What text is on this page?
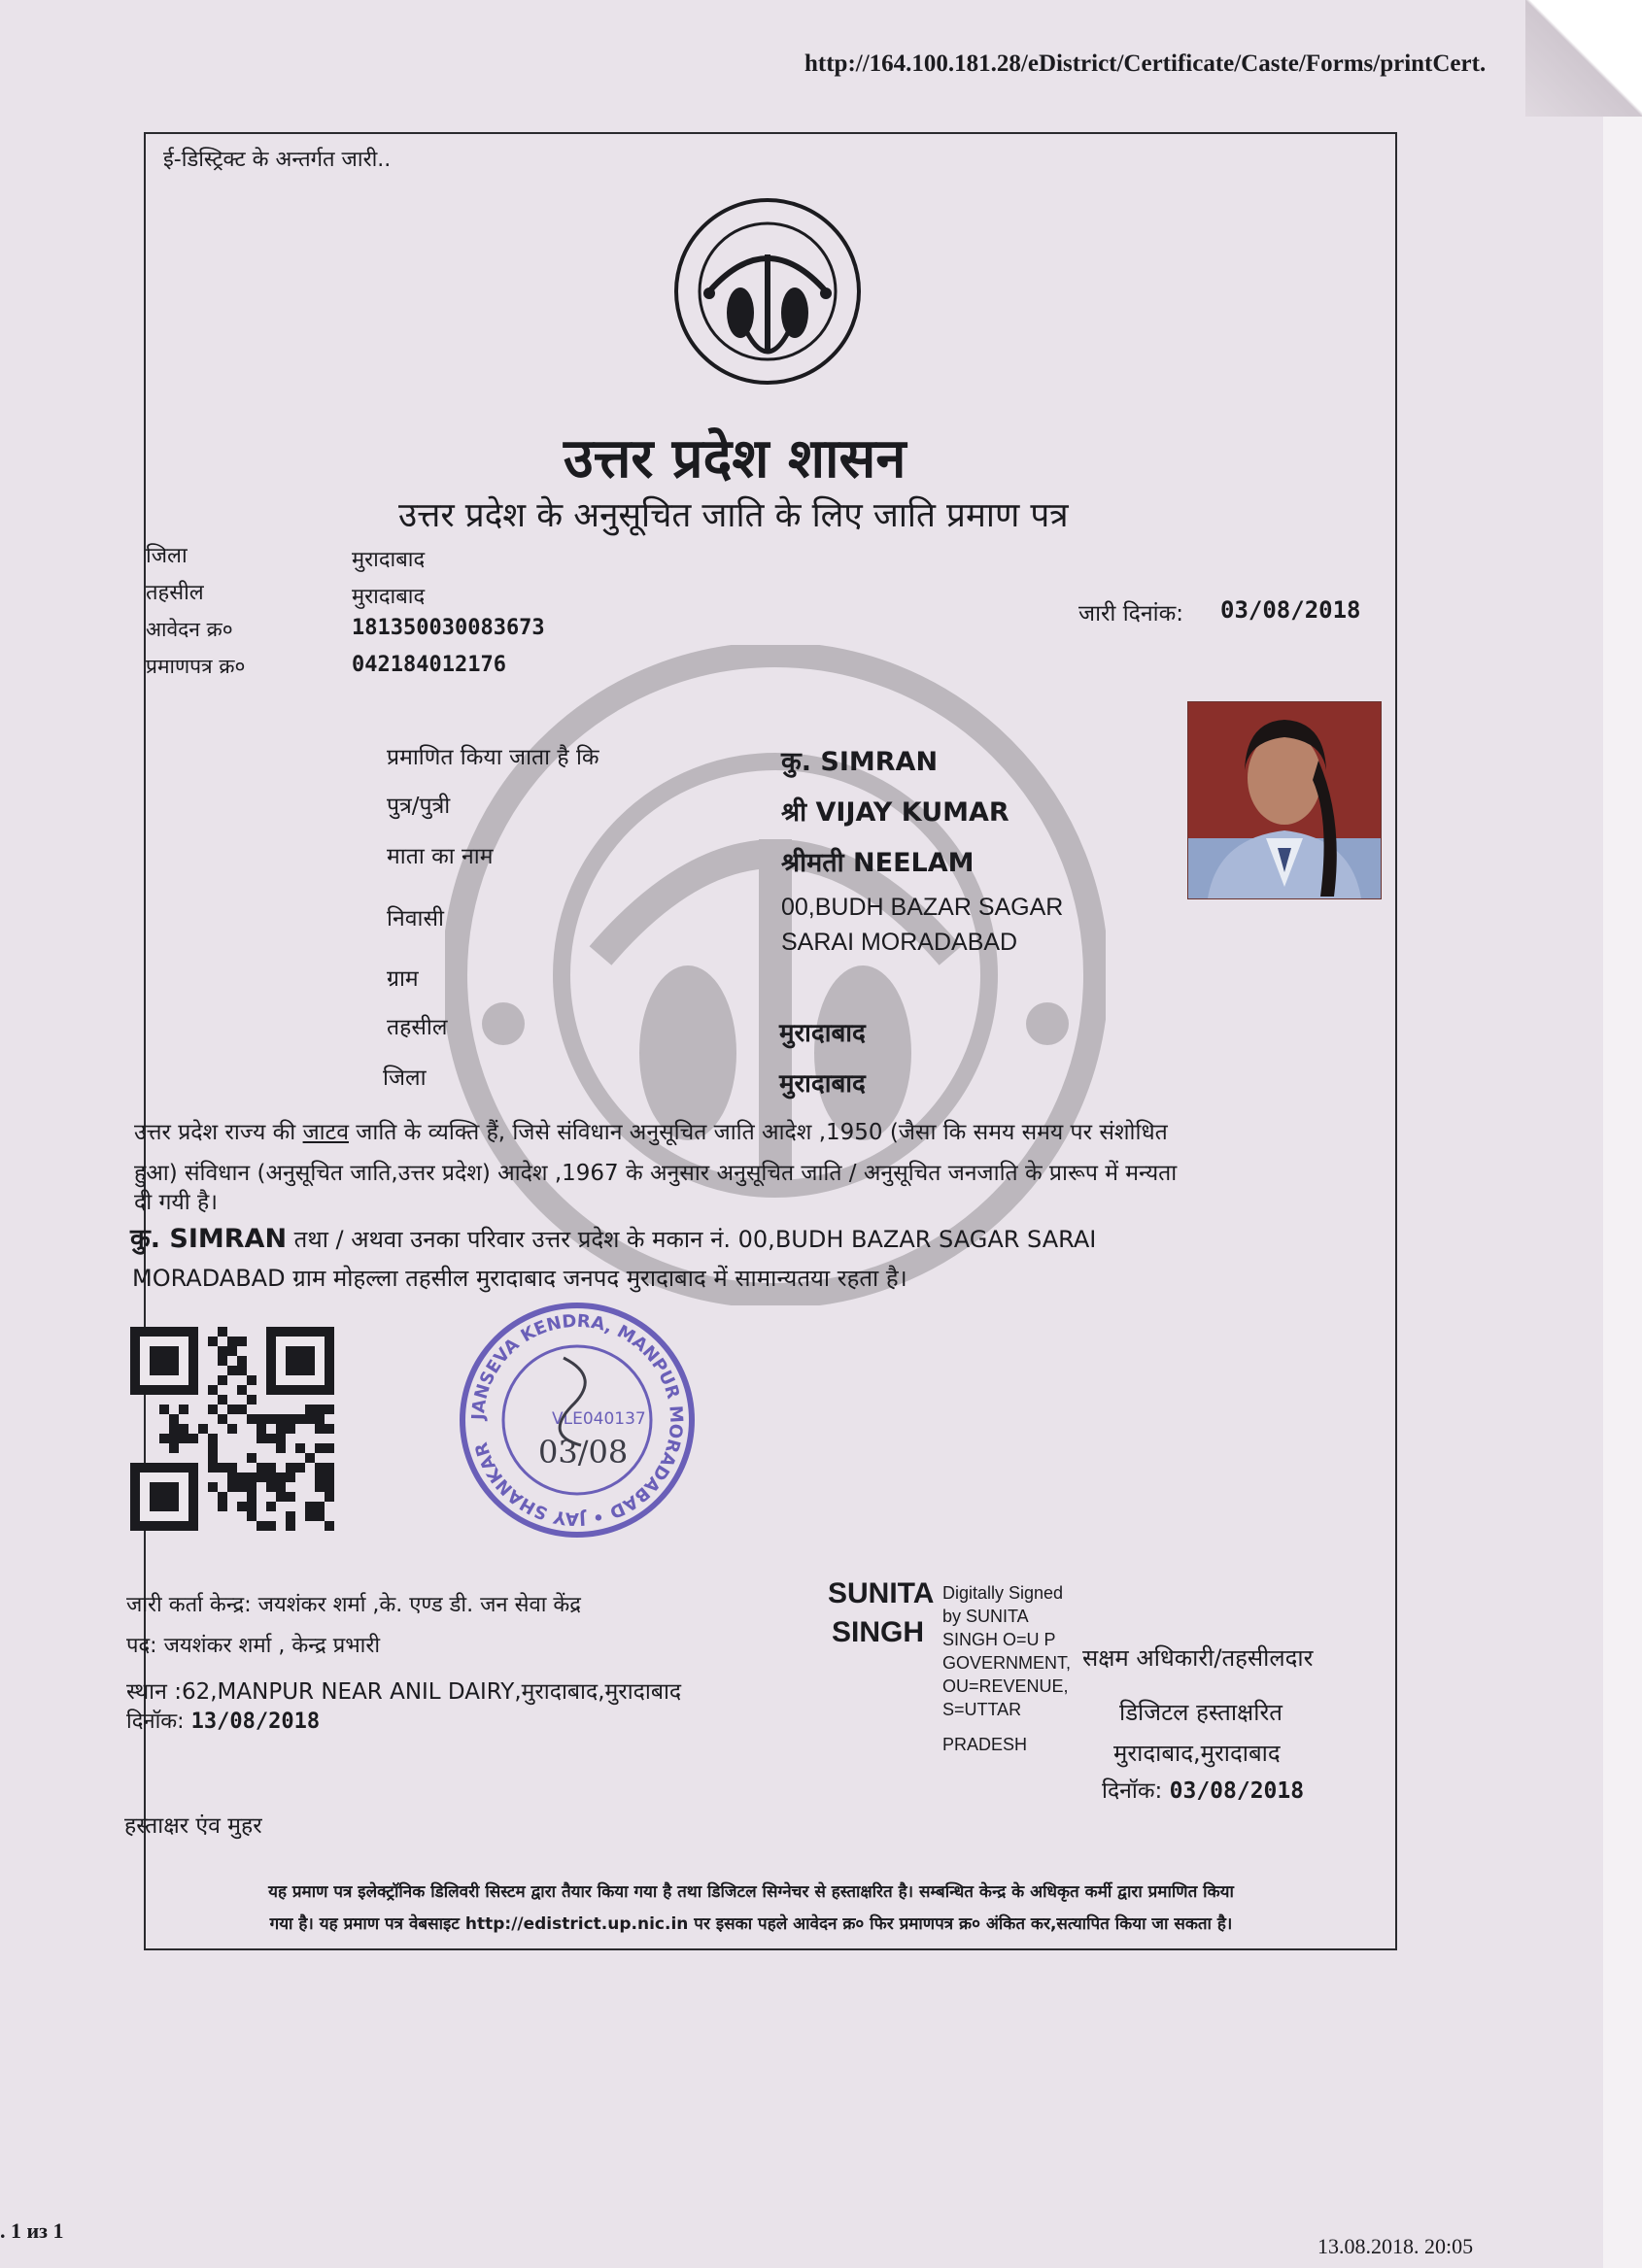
http://164.100.181.28/eDistrict/Certificate/Caste/Forms/printCert.
ई-डिस्ट्रिक्ट के अन्तर्गत जारी..
उत्तर प्रदेश शासन
उत्तर प्रदेश के अनुसूचित जाति के लिए जाति प्रमाण पत्र
जिला	मुरादाबाद
तहसील	मुरादाबाद
आवेदन क्र०	181350030083673
प्रमाणपत्र क्र०	042184012176
जारी दिनांक: 03/08/2018
प्रमाणित किया जाता है कि	कु. SIMRAN
पुत्र/पुत्री	श्री VIJAY KUMAR
माता का नाम	श्रीमती NEELAM
निवासी	00,BUDH BAZAR SAGAR
SARAI MORADABAD
ग्राम
तहसील	मुरादाबाद
जिला	मुरादाबाद
उत्तर प्रदेश राज्य की जाटव जाति के व्यक्ति हैं, जिसे संविधान अनुसूचित जाति आदेश ,1950 (जैसा कि समय समय पर संशोधित
हुआ) संविधान (अनुसूचित जाति,उत्तर प्रदेश) आदेश ,1967 के अनुसार अनुसूचित जाति / अनुसूचित जनजाति के प्रारूप में मन्यता
दी गयी है।
कु. SIMRAN तथा / अथवा उनका परिवार उत्तर प्रदेश के मकान नं. 00,BUDH BAZAR SAGAR SARAI
MORADABAD ग्राम मोहल्ला तहसील मुरादाबाद जनपद मुरादाबाद में सामान्यतया रहता है।
JANSEVA KENDRA, MANPUR MORADABAD • JAY SHANKAR
VLE040137
03/08
जारी कर्ता केन्द्र: जयशंकर शर्मा ,के. एण्ड डी. जन सेवा केंद्र
पद: जयशंकर शर्मा , केन्द्र प्रभारी
स्थान :62,MANPUR NEAR ANIL DAIRY,मुरादाबाद,मुरादाबाद
दिनॉक: 13/08/2018
SUNITA
SINGH
Digitally Signed
by SUNITA
SINGH O=U P
GOVERNMENT,
OU=REVENUE,
S=UTTAR
PRADESH
सक्षम अधिकारी/तहसीलदार
डिजिटल हस्ताक्षरित
मुरादाबाद,मुरादाबाद
दिनॉक: 03/08/2018
हस्ताक्षर एंव मुहर
यह प्रमाण पत्र इलेक्ट्रॉनिक डिलिवरी सिस्टम द्वारा तैयार किया गया है तथा डिजिटल सिग्नेचर से हस्ताक्षरित है। सम्बन्धित केन्द्र के अधिकृत कर्मी द्वारा प्रमाणित किया
गया है। यह प्रमाण पत्र वेबसाइट http://edistrict.up.nic.in पर इसका पहले आवेदन क्र० फिर प्रमाणपत्र क्र० अंकित कर,सत्यापित किया जा सकता है।
. 1 из 1
13.08.2018. 20:05
